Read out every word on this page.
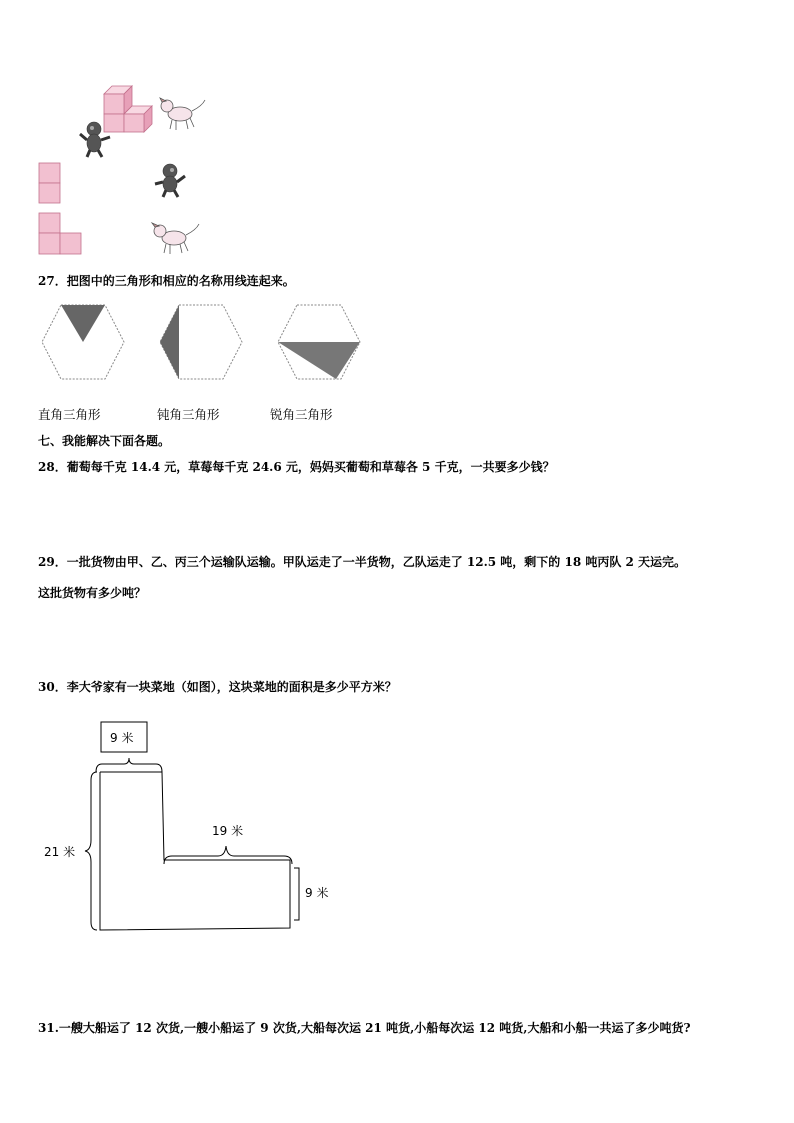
27．把图中的三角形和相应的名称用线连起来。
直角三角形	钝角三角形	锐角三角形
七、我能解决下面各题。
28．葡萄每千克 14.4 元，草莓每千克 24.6 元，妈妈买葡萄和草莓各 5 千克，一共要多少钱？
29．一批货物由甲、乙、丙三个运输队运输。甲队运走了一半货物，乙队运走了 12.5 吨，剩下的 18 吨丙队 2 天运完。
这批货物有多少吨？
30．李大爷家有一块菜地（如图），这块菜地的面积是多少平方米？
9 米
21 米
19 米
9 米
31.一艘大船运了 12 次货,一艘小船运了 9 次货,大船每次运 21 吨货,小船每次运 12 吨货,大船和小船一共运了多少吨货?
